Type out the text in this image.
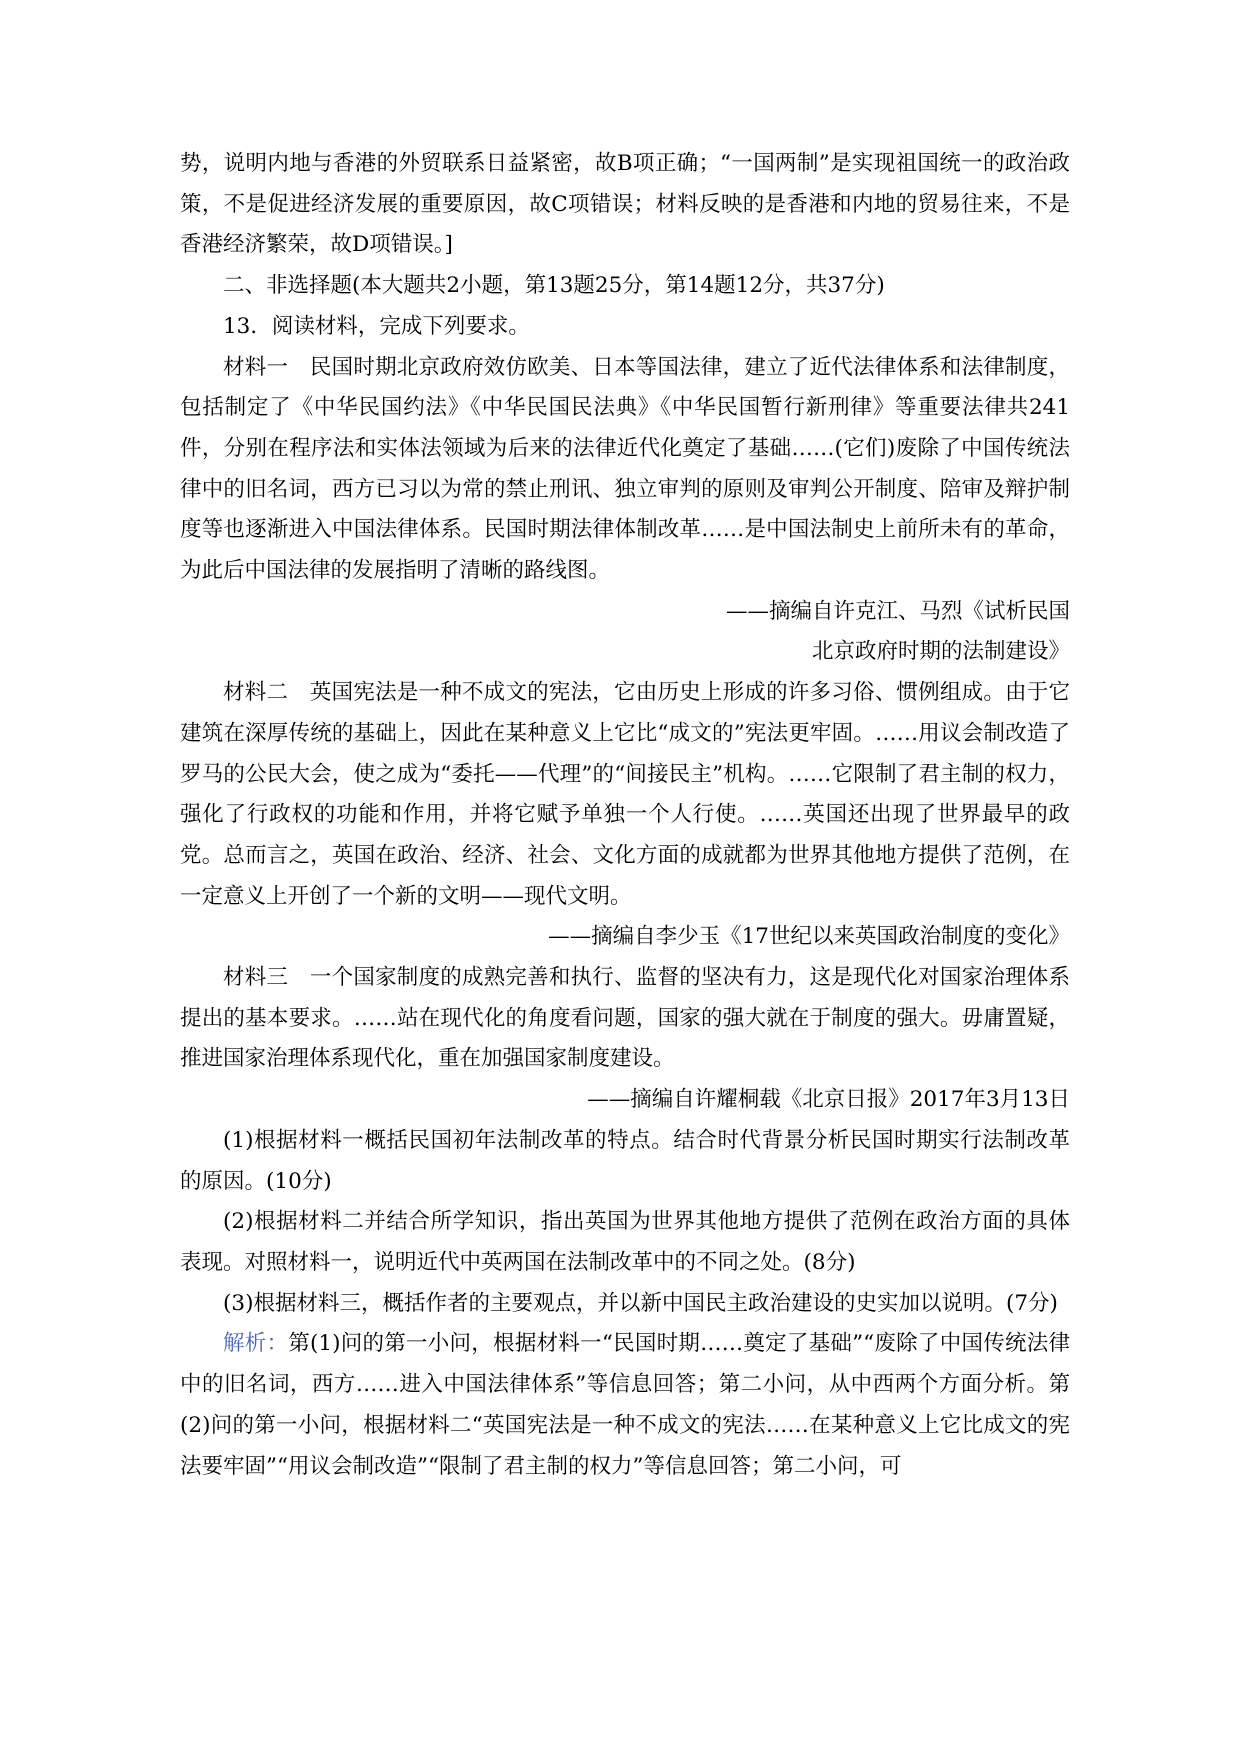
势，说明内地与香港的外贸联系日益紧密，故B项正确；“一国两制”是实现祖国统一的政治政策，不是促进经济发展的重要原因，故C项错误；材料反映的是香港和内地的贸易往来，不是香港经济繁荣，故D项错误。]

二、非选择题(本大题共2小题，第13题25分，第14题12分，共37分)

13．阅读材料，完成下列要求。

材料一　民国时期北京政府效仿欧美、日本等国法律，建立了近代法律体系和法律制度，包括制定了《中华民国约法》《中华民国民法典》《中华民国暂行新刑律》等重要法律共241件，分别在程序法和实体法领域为后来的法律近代化奠定了基础……(它们)废除了中国传统法律中的旧名词，西方已习以为常的禁止刑讯、独立审判的原则及审判公开制度、陪审及辩护制度等也逐渐进入中国法律体系。民国时期法律体制改革……是中国法制史上前所未有的革命，为此后中国法律的发展指明了清晰的路线图。

——摘编自许克江、马烈《试析民国

北京政府时期的法制建设》

材料二　英国宪法是一种不成文的宪法，它由历史上形成的许多习俗、惯例组成。由于它建筑在深厚传统的基础上，因此在某种意义上它比“成文的”宪法更牢固。……用议会制改造了罗马的公民大会，使之成为“委托——代理”的“间接民主”机构。……它限制了君主制的权力，强化了行政权的功能和作用，并将它赋予单独一个人行使。……英国还出现了世界最早的政党。总而言之，英国在政治、经济、社会、文化方面的成就都为世界其他地方提供了范例，在一定意义上开创了一个新的文明——现代文明。

——摘编自李少玉《17世纪以来英国政治制度的变化》

材料三　一个国家制度的成熟完善和执行、监督的坚决有力，这是现代化对国家治理体系提出的基本要求。……站在现代化的角度看问题，国家的强大就在于制度的强大。毋庸置疑，推进国家治理体系现代化，重在加强国家制度建设。

——摘编自许耀桐载《北京日报》2017年3月13日

(1)根据材料一概括民国初年法制改革的特点。结合时代背景分析民国时期实行法制改革的原因。(10分)

(2)根据材料二并结合所学知识，指出英国为世界其他地方提供了范例在政治方面的具体表现。对照材料一，说明近代中英两国在法制改革中的不同之处。(8分)

(3)根据材料三，概括作者的主要观点，并以新中国民主政治建设的史实加以说明。(7分)

解析：第(1)问的第一小问，根据材料一“民国时期……奠定了基础”“废除了中国传统法律中的旧名词，西方……进入中国法律体系”等信息回答；第二小问，从中西两个方面分析。第(2)问的第一小问，根据材料二“英国宪法是一种不成文的宪法……在某种意义上它比成文的宪法要牢固”“用议会制改造”“限制了君主制的权力”等信息回答；第二小问，可
